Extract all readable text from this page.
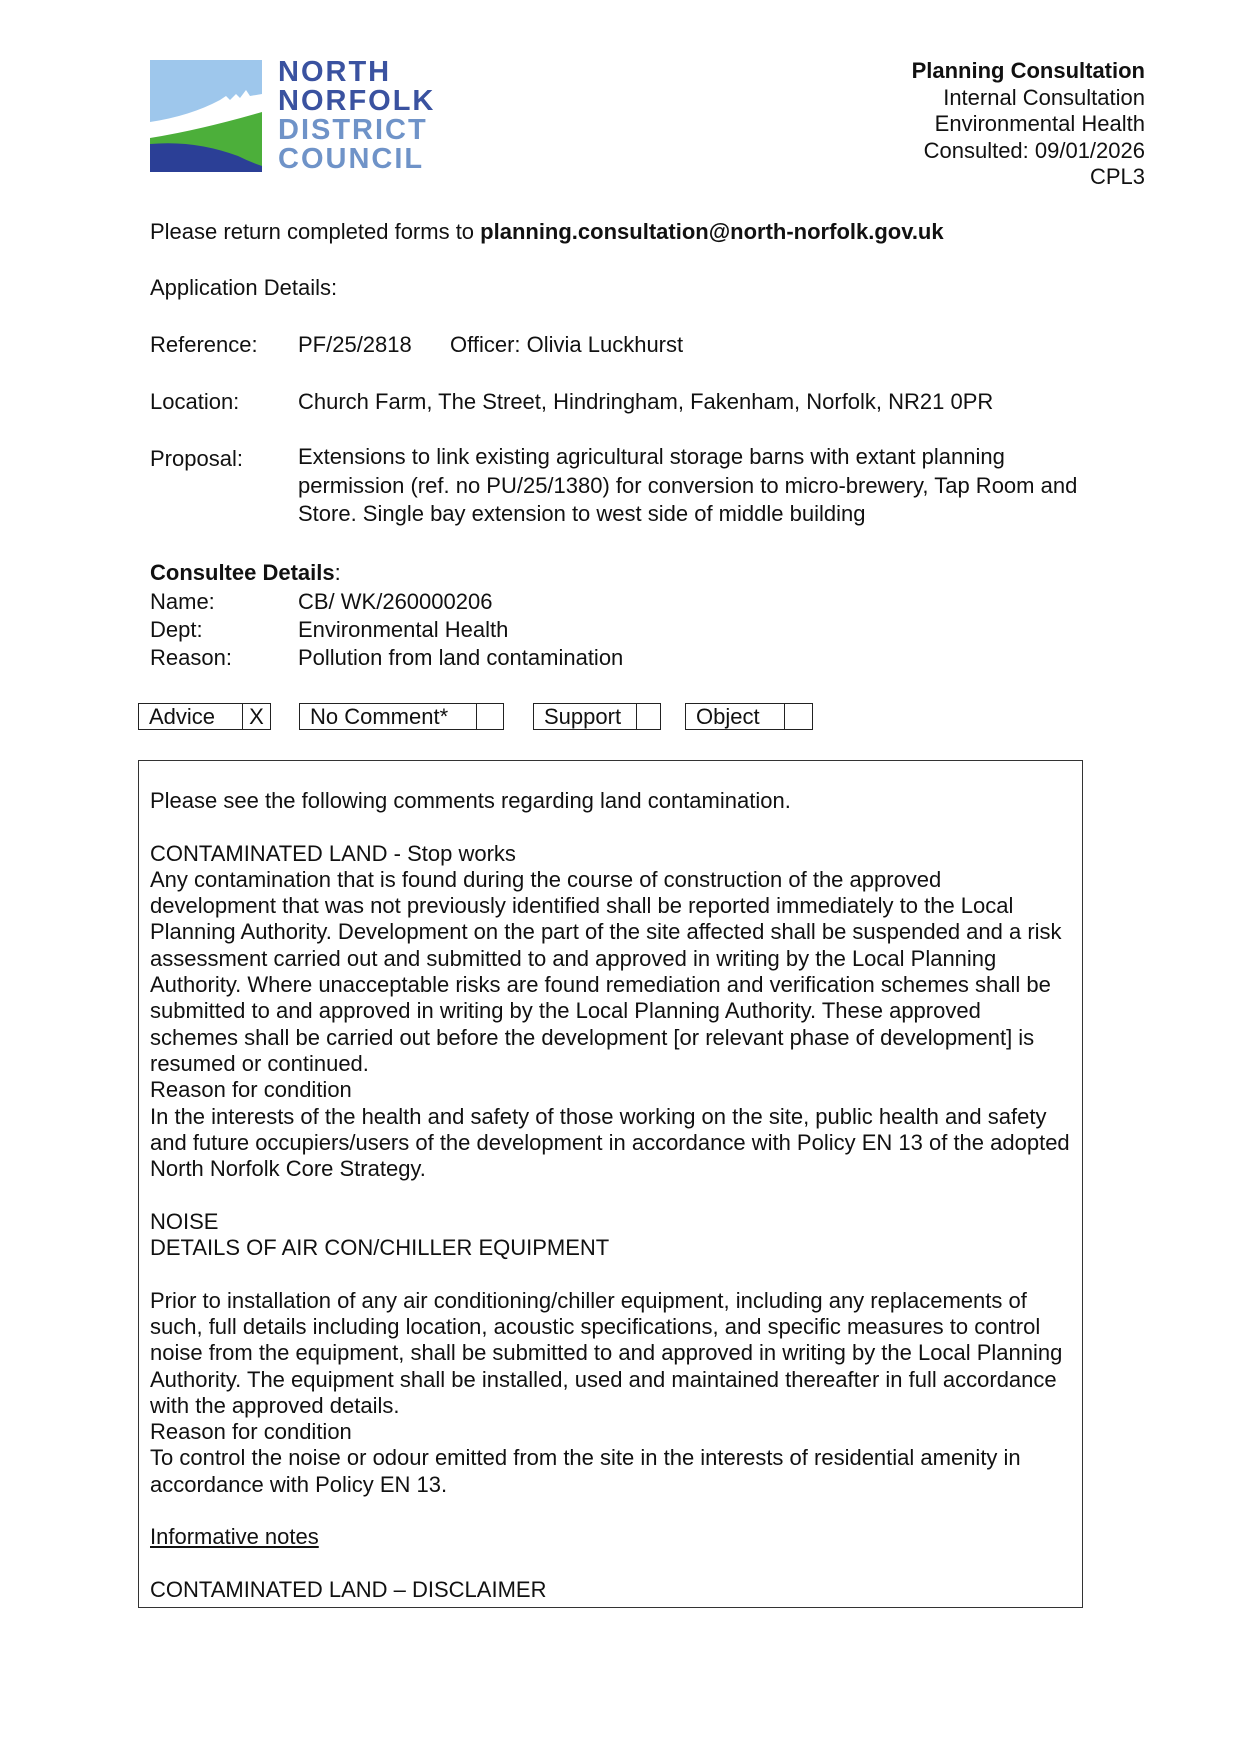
NORTH
NORFOLK
DISTRICT
COUNCIL
Planning Consultation
Internal Consultation
Environmental Health
Consulted: 09/01/2026
CPL3
Please return completed forms to planning.consultation@north-norfolk.gov.uk
Application Details:
Reference: PF/25/2818 Officer: Olivia Luckhurst
Location:	Church Farm, The Street, Hindringham, Fakenham, Norfolk, NR21 0PR
Proposal:	Extensions to link existing agricultural storage barns with extant planning permission (ref. no PU/25/1380) for conversion to micro-brewery, Tap Room and Store. Single bay extension to west side of middle building
Consultee Details:
Name:	CB/ WK/260000206
Dept:	Environmental Health
Reason:	Pollution from land contamination
Advice	X	No Comment*	Support	Object

Please see the following comments regarding land contamination.

CONTAMINATED LAND - Stop works

Any contamination that is found during the course of construction of the approved development that was not previously identified shall be reported immediately to the Local Planning Authority. Development on the part of the site affected shall be suspended and a risk assessment carried out and submitted to and approved in writing by the Local Planning Authority. Where unacceptable risks are found remediation and verification schemes shall be submitted to and approved in writing by the Local Planning Authority. These approved schemes shall be carried out before the development [or relevant phase of development] is resumed or continued.

Reason for condition

In the interests of the health and safety of those working on the site, public health and safety and future occupiers/users of the development in accordance with Policy EN 13 of the adopted North Norfolk Core Strategy.

NOISE

DETAILS OF AIR CON/CHILLER EQUIPMENT

Prior to installation of any air conditioning/chiller equipment, including any replacements of such, full details including location, acoustic specifications, and specific measures to control noise from the equipment, shall be submitted to and approved in writing by the Local Planning Authority. The equipment shall be installed, used and maintained thereafter in full accordance with the approved details.

Reason for condition

To control the noise or odour emitted from the site in the interests of residential amenity in accordance with Policy EN 13.

Informative notes

CONTAMINATED LAND – DISCLAIMER
